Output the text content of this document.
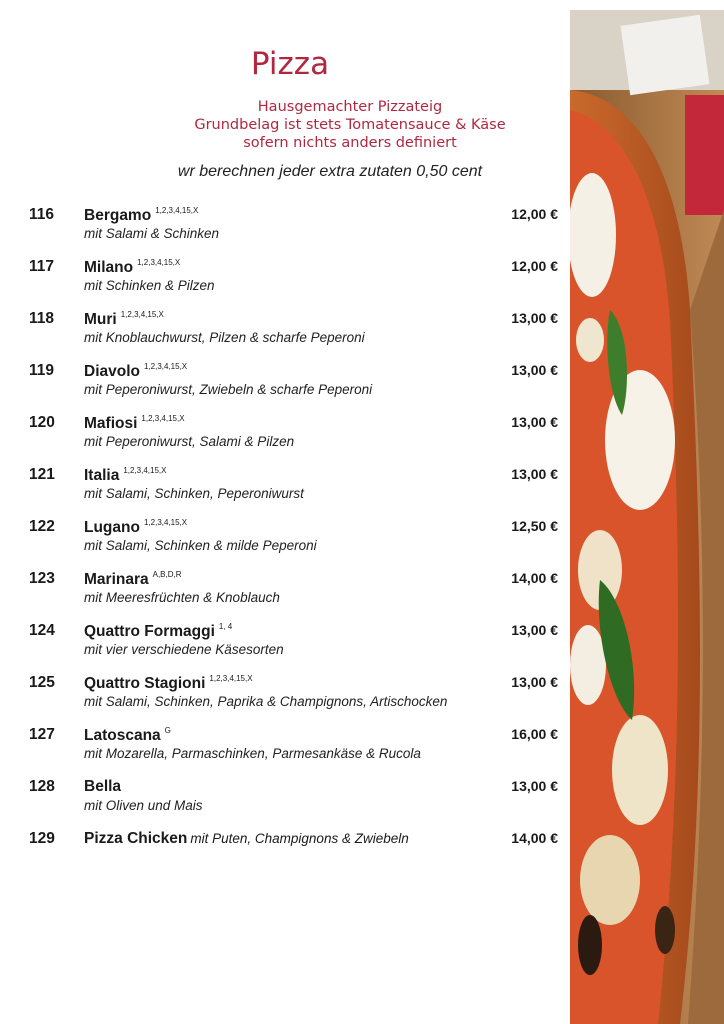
Pizza
Hausgemachter Pizzateig
Grundbelag ist stets Tomatensauce & Käse
sofern nichts anders definiert
wr berechnen jeder extra zutaten 0,50 cent
116 Bergamo $^{1,2,3,4,15,X}$	12,00 €
mit Salami & Schinken
117 Milano $^{1,2,3,4,15,X}$	12,00 €
mit Schinken & Pilzen
118 Muri $^{1,2,3,4,15,X}$	13,00 €
mit Knoblauchwurst, Pilzen & scharfe Peperoni
119 Diavolo $^{1,2,3,4,15,X}$	13,00 €
mit Peperoniwurst, Zwiebeln & scharfe Peperoni
120 Mafiosi $^{1,2,3,4,15,X}$	13,00 €
mit Peperoniwurst, Salami & Pilzen
121 Italia $^{1,2,3,4,15,X}$	13,00 €
mit Salami, Schinken, Peperoniwurst
122 Lugano $^{1,2,3,4,15,X}$	12,50 €
mit Salami, Schinken & milde Peperoni
123 Marinara $^{A,B,D,R}$	14,00 €
mit Meeresfrüchten & Knoblauch
124 Quattro Formaggi $^{1, 4}$	13,00 €
mit vier verschiedene Käsesorten
125 Quattro Stagioni $^{1,2,3,4,15,X}$	13,00 €
mit Salami, Schinken, Paprika & Champignons, Artischocken
127 Latoscana $^G$	16,00 €
mit Mozarella, Parmaschinken, Parmesankäse & Rucola
128 Bella	13,00 €
mit Oliven und Mais
129 Pizza Chicken mit Puten, Champignons & Zwiebeln	14,00 €
